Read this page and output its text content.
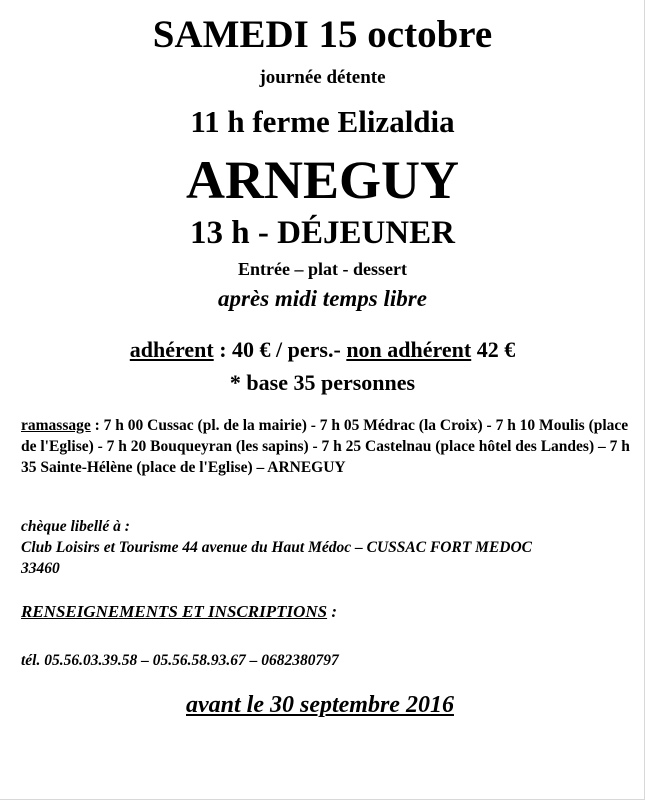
SAMEDI 15 octobre
journée détente
11 h ferme Elizaldia
ARNEGUY
13 h - DÉJEUNER
Entrée – plat - dessert
après midi temps libre
adhérent : 40 € / pers.- non adhérent 42 €
* base 35 personnes
ramassage : 7 h 00 Cussac (pl. de la mairie) - 7 h 05 Médrac (la Croix) - 7 h 10 Moulis (place de l'Eglise) - 7 h 20 Bouqueyran (les sapins) - 7 h 25 Castelnau (place hôtel des Landes) – 7 h 35 Sainte-Hélène (place de l'Eglise) – ARNEGUY
chèque libellé à :
Club Loisirs et Tourisme 44 avenue du Haut Médoc – CUSSAC FORT MEDOC
33460
RENSEIGNEMENTS ET INSCRIPTIONS :
tél. 05.56.03.39.58 – 05.56.58.93.67 – 0682380797
avant le 30 septembre 2016
